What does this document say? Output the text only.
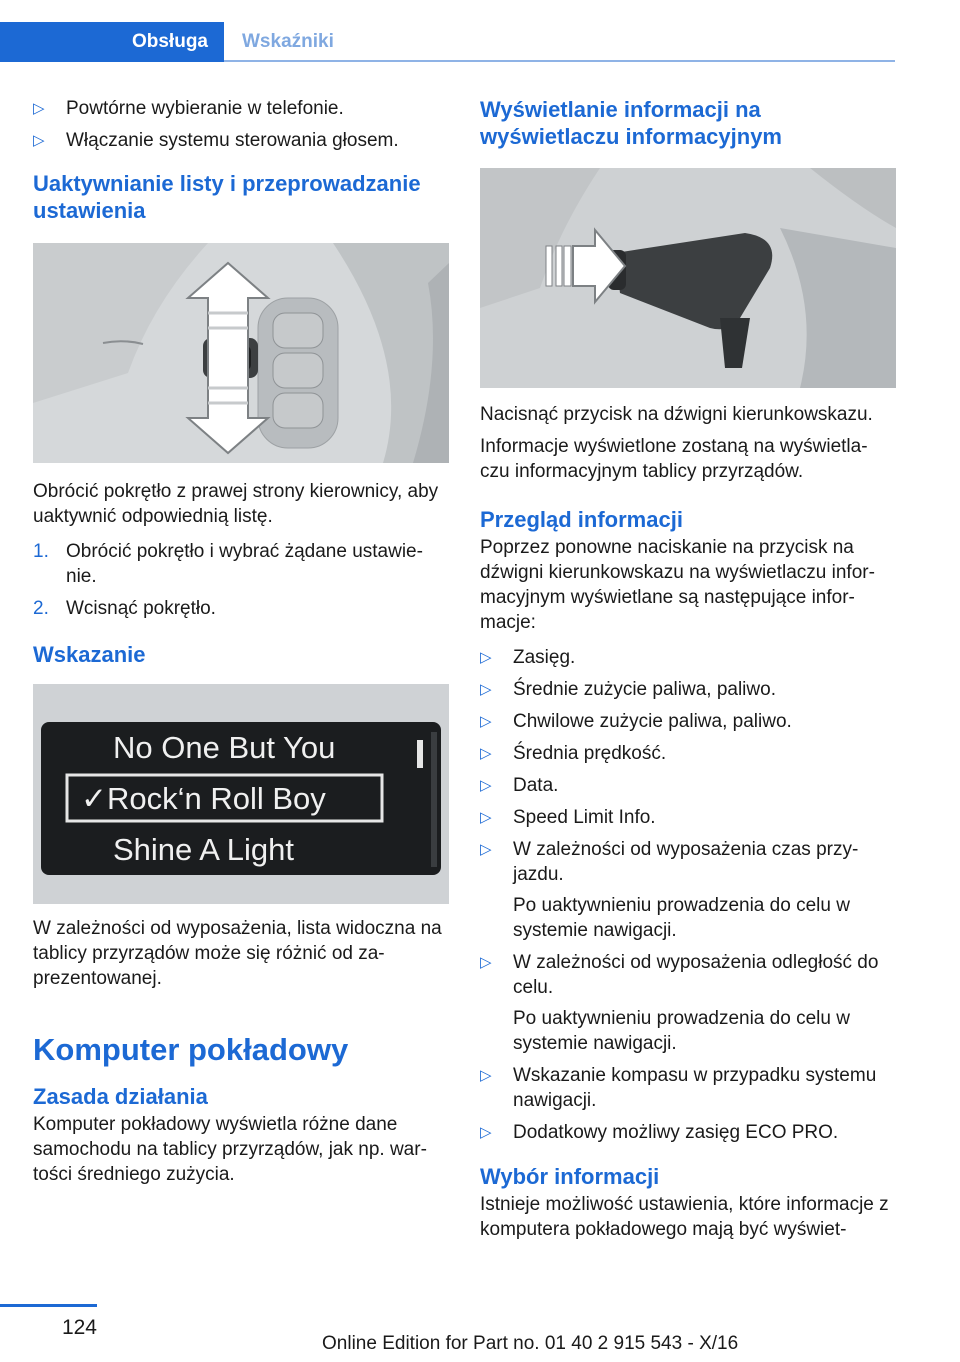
Obsługa	Wskaźniki
▷ Powtórne wybieranie w telefonie.
▷ Włączanie systemu sterowania głosem.
Uaktywnianie listy i przeprowadzanie ustawienia

Obrócić pokrętło z prawej strony kierownicy, aby uaktywnić odpowiednią listę.

1. Obrócić pokrętło i wybrać żądane ustawie‐nie.
2. Wcisnąć pokrętło.
Wskazanie
No One But You
✓Rock‘n Roll Boy
Shine A Light

W zależności od wyposażenia, lista widoczna na tablicy przyrządów może się różnić od za‐prezentowanej.

Komputer pokładowy
Zasada działania

Komputer pokładowy wyświetla różne dane samochodu na tablicy przyrządów, jak np. war‐tości średniego zużycia.

Wyświetlanie informacji na wyświetlaczu informacyjnym

Nacisnąć przycisk na dźwigni kierunkowskazu.

Informacje wyświetlone zostaną na wyświetla‐czu informacyjnym tablicy przyrządów.

Przegląd informacji

Poprzez ponowne naciskanie na przycisk na dźwigni kierunkowskazu na wyświetlaczu infor‐macyjnym wyświetlane są następujące infor‐macje:

▷ Zasięg.
▷ Średnie zużycie paliwa, paliwo.
▷ Chwilowe zużycie paliwa, paliwo.
▷ Średnia prędkość.
▷ Data.
▷ Speed Limit Info.
▷ W zależności od wyposażenia czas przy‐jazdu.
Po uaktywnieniu prowadzenia do celu w systemie nawigacji.
▷ W zależności od wyposażenia odległość do celu.
Po uaktywnieniu prowadzenia do celu w systemie nawigacji.
▷ Wskazanie kompasu w przypadku systemu nawigacji.
▷ Dodatkowy możliwy zasięg ECO PRO.
Wybór informacji

Istnieje możliwość ustawienia, które informacje z komputera pokładowego mają być wyświet‐

124
Online Edition for Part no. 01 40 2 915 543 - X/16
